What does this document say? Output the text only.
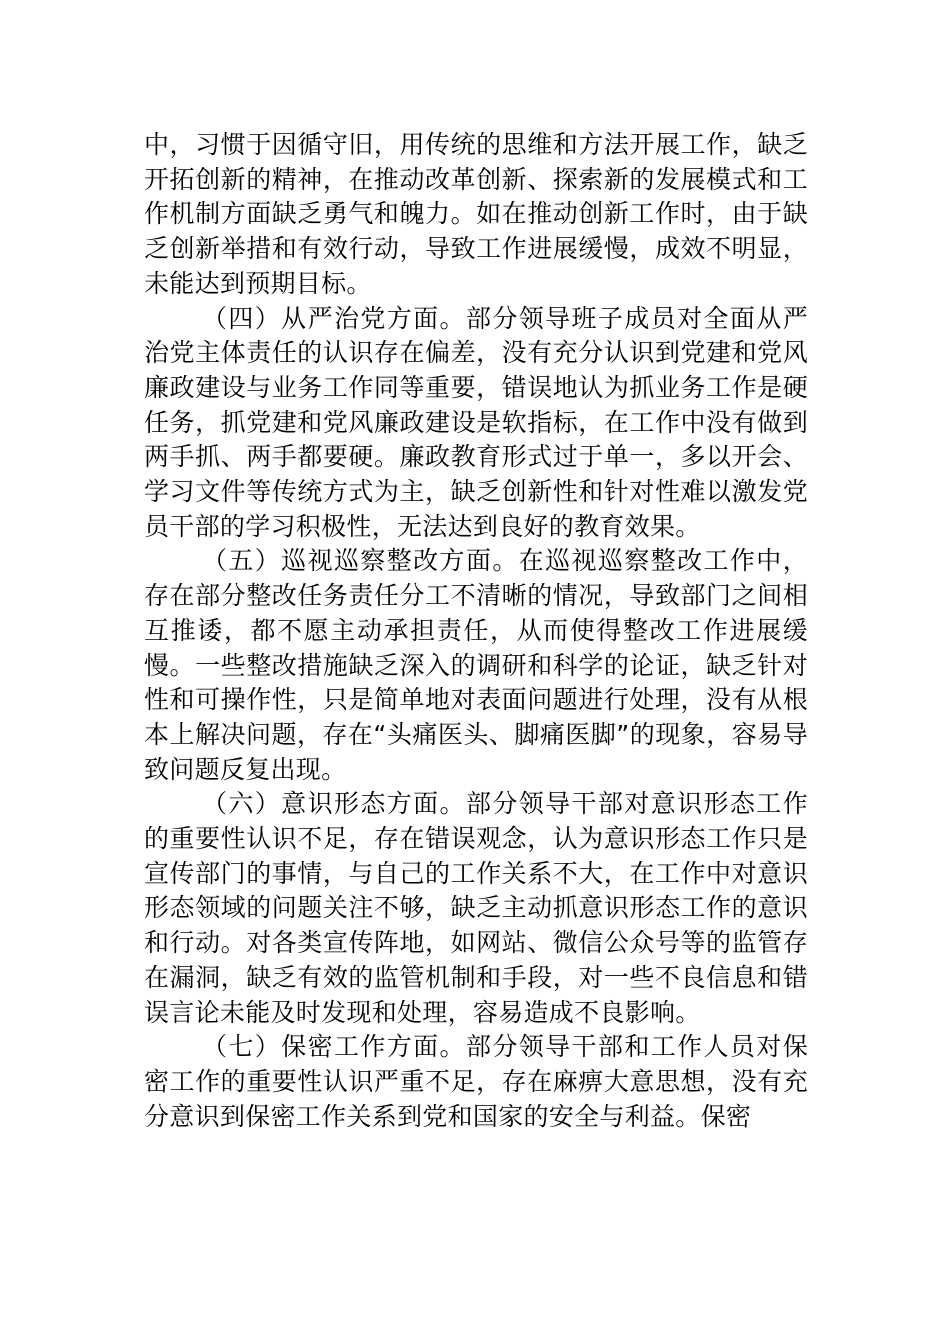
中，习惯于因循守旧，用传统的思维和方法开展工作，缺乏开拓创新的精神，在推动改革创新、探索新的发展模式和工作机制方面缺乏勇气和魄力。如在推动创新工作时，由于缺乏创新举措和有效行动，导致工作进展缓慢，成效不明显，未能达到预期目标。

（四）从严治党方面。部分领导班子成员对全面从严治党主体责任的认识存在偏差，没有充分认识到党建和党风廉政建设与业务工作同等重要，错误地认为抓业务工作是硬任务，抓党建和党风廉政建设是软指标，在工作中没有做到两手抓、两手都要硬。廉政教育形式过于单一，多以开会、学习文件等传统方式为主，缺乏创新性和针对性难以激发党员干部的学习积极性，无法达到良好的教育效果。

（五）巡视巡察整改方面。在巡视巡察整改工作中，存在部分整改任务责任分工不清晰的情况，导致部门之间相互推诿，都不愿主动承担责任，从而使得整改工作进展缓慢。一些整改措施缺乏深入的调研和科学的论证，缺乏针对性和可操作性，只是简单地对表面问题进行处理，没有从根本上解决问题，存在“头痛医头、脚痛医脚”的现象，容易导致问题反复出现。

（六）意识形态方面。部分领导干部对意识形态工作的重要性认识不足，存在错误观念，认为意识形态工作只是宣传部门的事情，与自己的工作关系不大，在工作中对意识形态领域的问题关注不够，缺乏主动抓意识形态工作的意识和行动。对各类宣传阵地，如网站、微信公众号等的监管存在漏洞，缺乏有效的监管机制和手段，对一些不良信息和错误言论未能及时发现和处理，容易造成不良影响。

（七）保密工作方面。部分领导干部和工作人员对保密工作的重要性认识严重不足，存在麻痹大意思想，没有充分意识到保密工作关系到党和国家的安全与利益。保密
